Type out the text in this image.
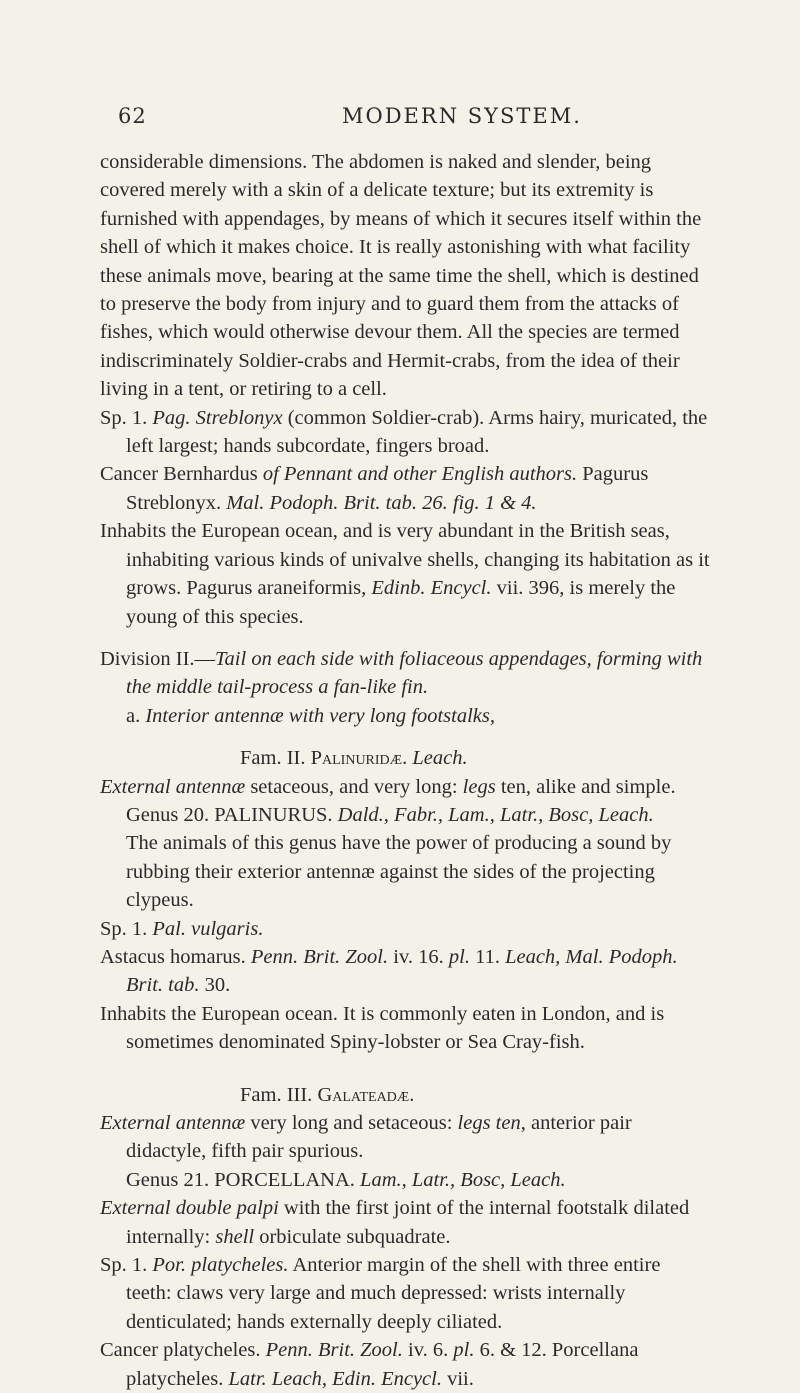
62	MODERN SYSTEM.

considerable dimensions. The abdomen is naked and slender, being covered merely with a skin of a delicate texture; but its extremity is furnished with appendages, by means of which it secures itself within the shell of which it makes choice. It is really astonishing with what facility these animals move, bearing at the same time the shell, which is destined to preserve the body from injury and to guard them from the attacks of fishes, which would otherwise devour them. All the species are termed indiscriminately Soldier-crabs and Hermit-crabs, from the idea of their living in a tent, or retiring to a cell.

Sp. 1. Pag. Streblonyx (common Soldier-crab). Arms hairy, muricated, the left largest; hands subcordate, fingers broad.

Cancer Bernhardus of Pennant and other English authors. Pagurus Streblonyx. Mal. Podoph. Brit. tab. 26. fig. 1 & 4.

Inhabits the European ocean, and is very abundant in the British seas, inhabiting various kinds of univalve shells, changing its habitation as it grows. Pagurus araneiformis, Edinb. Encycl. vii. 396, is merely the young of this species.

Division II.—Tail on each side with foliaceous appendages, forming with the middle tail-process a fan-like fin.

a. Interior antennæ with very long footstalks,

Fam. II. Palinuridæ. Leach.

External antennæ setaceous, and very long: legs ten, alike and simple.

Genus 20. PALINURUS. Dald., Fabr., Lam., Latr., Bosc, Leach.

The animals of this genus have the power of producing a sound by rubbing their exterior antennæ against the sides of the projecting clypeus.

Sp. 1. Pal. vulgaris.

Astacus homarus. Penn. Brit. Zool. iv. 16. pl. 11. Leach, Mal. Podoph. Brit. tab. 30.

Inhabits the European ocean. It is commonly eaten in London, and is sometimes denominated Spiny-lobster or Sea Cray-fish.

Fam. III. Galateadæ.

External antennæ very long and setaceous: legs ten, anterior pair didactyle, fifth pair spurious.

Genus 21. PORCELLANA. Lam., Latr., Bosc, Leach.

External double palpi with the first joint of the internal footstalk dilated internally: shell orbiculate subquadrate.

Sp. 1. Por. platycheles. Anterior margin of the shell with three entire teeth: claws very large and much depressed: wrists internally denticulated; hands externally deeply ciliated.

Cancer platycheles. Penn. Brit. Zool. iv. 6. pl. 6. & 12. Porcellana platycheles. Latr. Leach, Edin. Encycl. vii.
